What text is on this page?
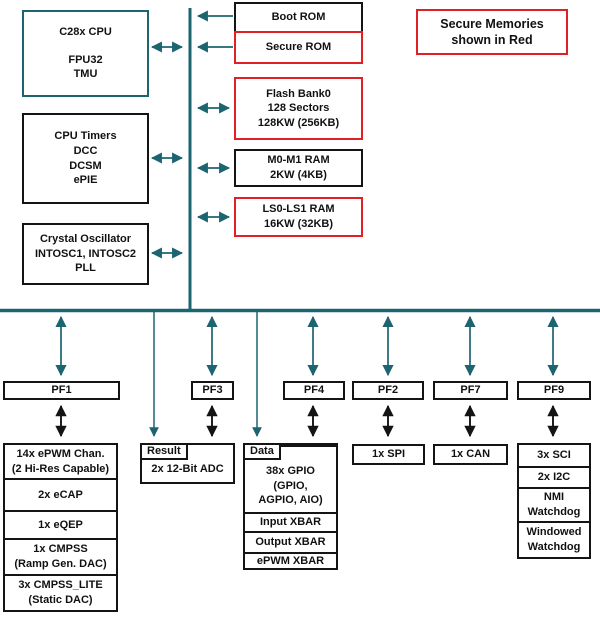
C28x CPU
FPU32
TMU
CPU Timers
DCC
DCSM
ePIE
Crystal Oscillator
INTOSC1, INTOSC2
PLL
Boot ROM
Secure ROM
Flash Bank0
128 Sectors
128KW (256KB)
M0-M1 RAM
2KW (4KB)
LS0-LS1 RAM
16KW (32KB)
Secure Memories
shown in Red
PF1	PF3	PF4	PF2	PF7	PF9
14x ePWM Chan.
(2 Hi-Res Capable)
2x eCAP
1x eQEP
1x CMPSS
(Ramp Gen. DAC)
3x CMPSS_LITE
(Static DAC)
Result
2x 12-Bit ADC
Data
38x GPIO
(GPIO,
AGPIO, AIO)
Input XBAR
Output XBAR
ePWM XBAR
1x SPI	1x CAN	3x SCI
2x I2C
NMI
Watchdog
Windowed
Watchdog
